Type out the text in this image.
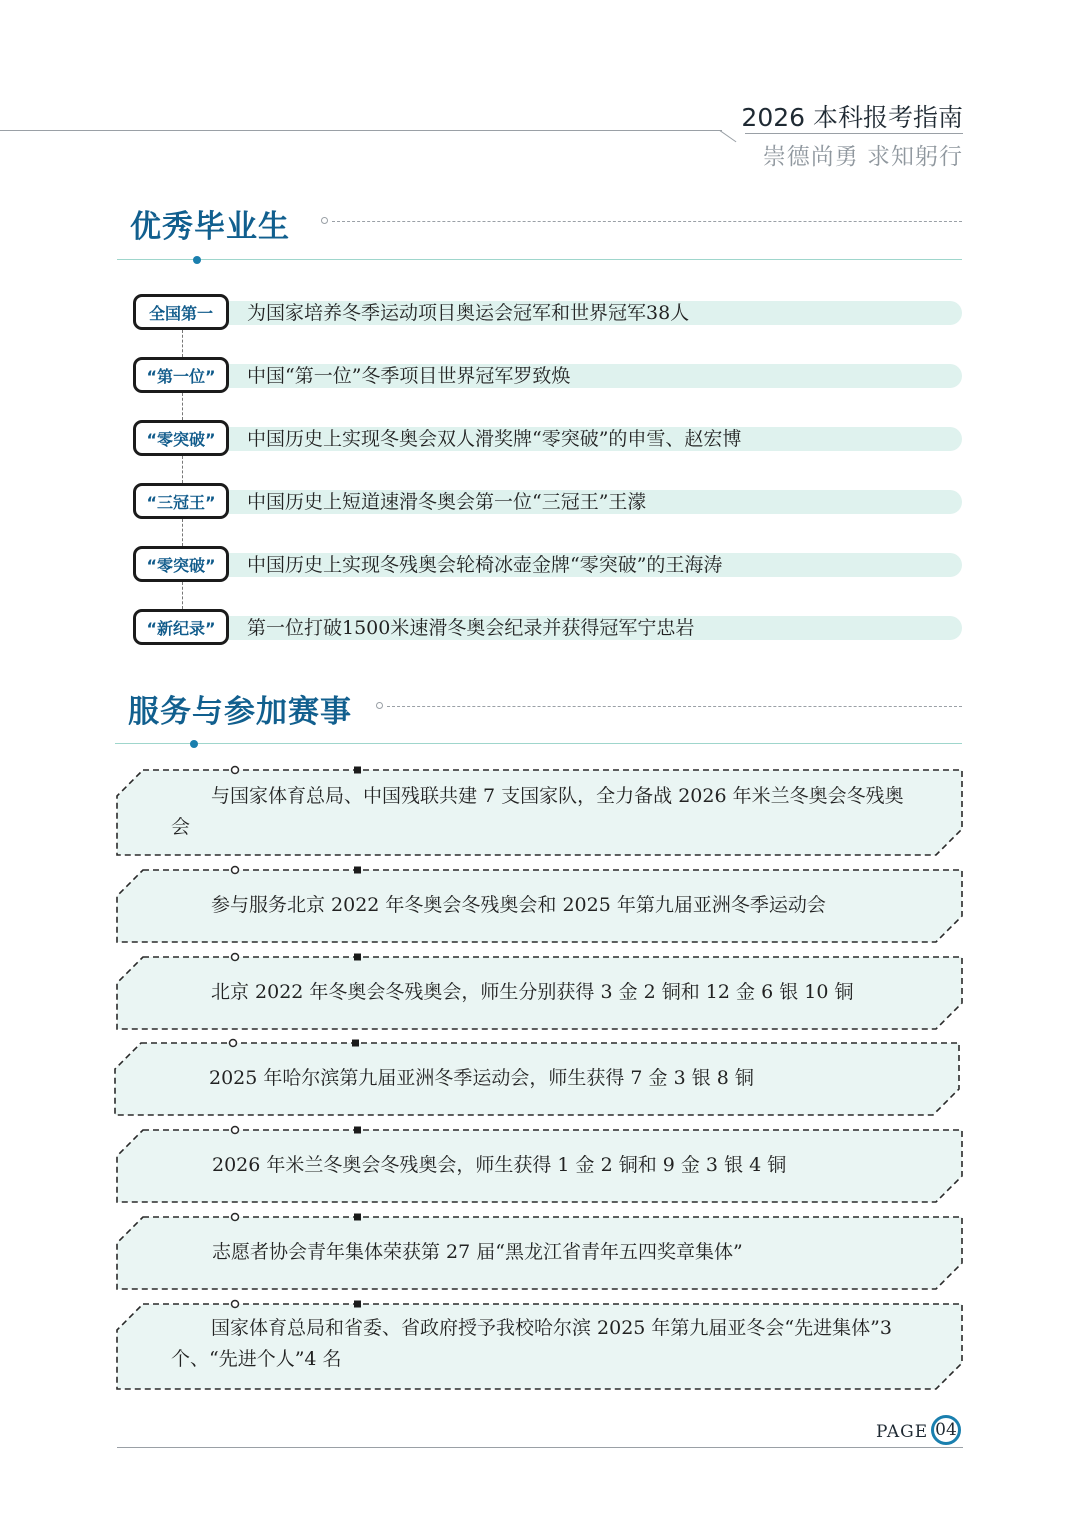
2026 本科报考指南
崇德尚勇 求知躬行
优秀毕业生
全国第一	为国家培养冬季运动项目奥运会冠军和世界冠军38人
“第一位”	中国“第一位”冬季项目世界冠军罗致焕
“零突破”	中国历史上实现冬奥会双人滑奖牌“零突破”的申雪、赵宏博
“三冠王”	中国历史上短道速滑冬奥会第一位“三冠王”王濛
“零突破”	中国历史上实现冬残奥会轮椅冰壶金牌“零突破”的王海涛
“新纪录”	第一位打破1500米速滑冬奥会纪录并获得冠军宁忠岩
服务与参加赛事
与国家体育总局、中国残联共建 7 支国家队，全力备战 2026 年米兰冬奥会冬残奥会
参与服务北京 2022 年冬奥会冬残奥会和 2025 年第九届亚洲冬季运动会
北京 2022 年冬奥会冬残奥会，师生分别获得 3 金 2 铜和 12 金 6 银 10 铜
2025 年哈尔滨第九届亚洲冬季运动会，师生获得 7 金 3 银 8 铜
2026 年米兰冬奥会冬残奥会，师生获得 1 金 2 铜和 9 金 3 银 4 铜
志愿者协会青年集体荣获第 27 届“黑龙江省青年五四奖章集体”
国家体育总局和省委、省政府授予我校哈尔滨 2025 年第九届亚冬会“先进集体”3 个、“先进个人”4 名
PAGE 04
